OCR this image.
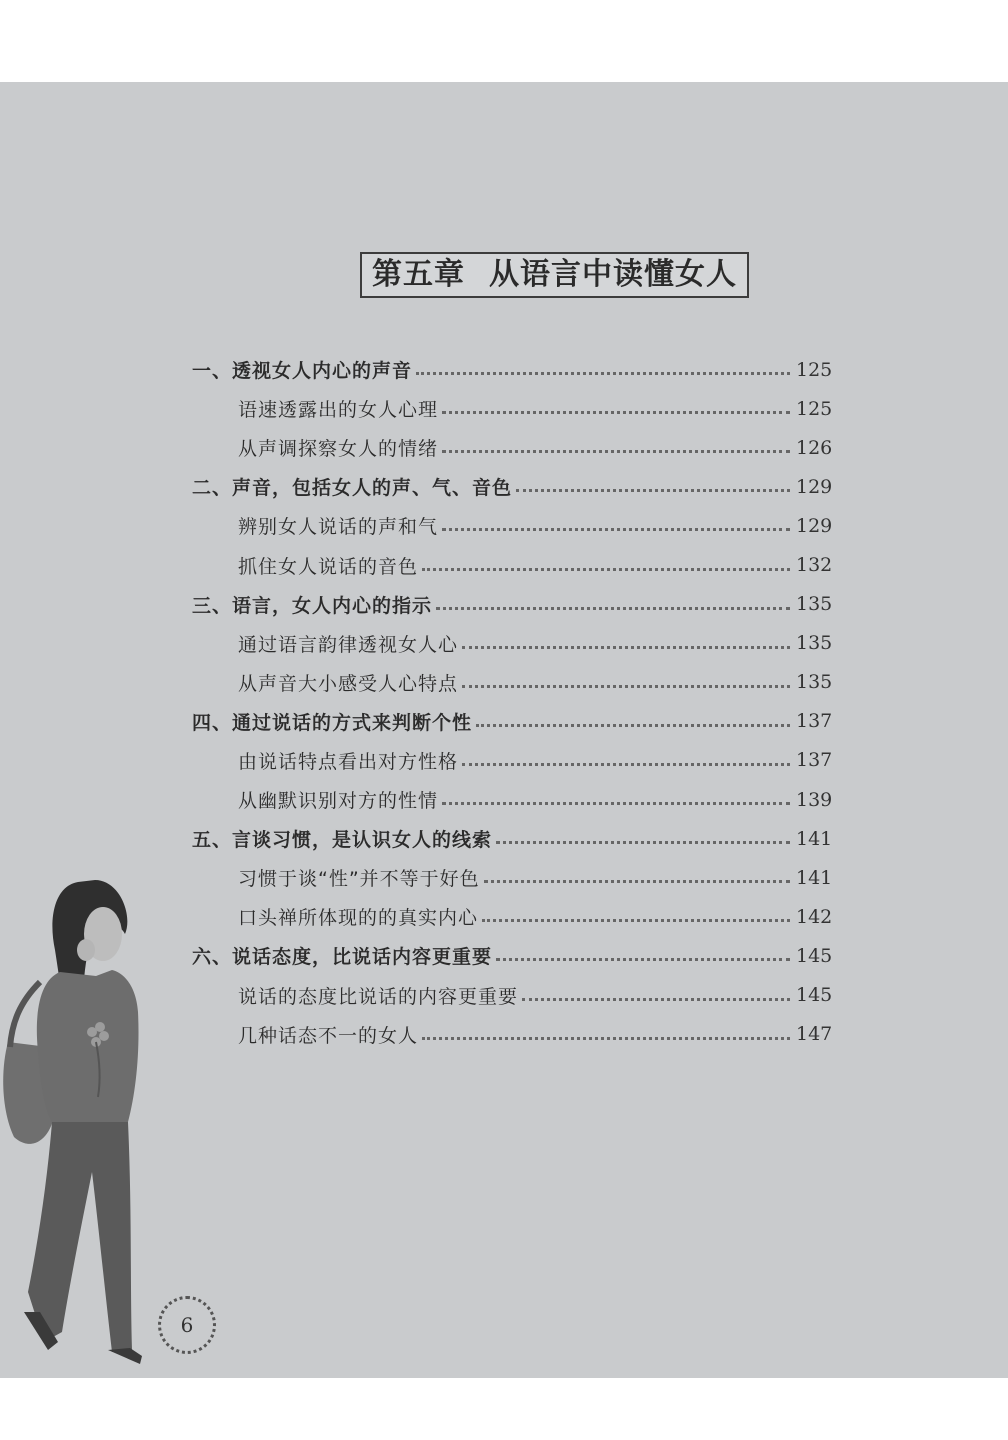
第五章 从语言中读懂女人
一、透视女人内心的声音	125
语速透露出的女人心理	125
从声调探察女人的情绪	126
二、声音，包括女人的声、气、音色	129
辨别女人说话的声和气	129
抓住女人说话的音色	132
三、语言，女人内心的指示	135
通过语言韵律透视女人心	135
从声音大小感受人心特点	135
四、通过说话的方式来判断个性	137
由说话特点看出对方性格	137
从幽默识别对方的性情	139
五、言谈习惯，是认识女人的线索	141
习惯于谈“性”并不等于好色	141
口头禅所体现的的真实内心	142
六、说话态度，比说话内容更重要	145
说话的态度比说话的内容更重要	145
几种话态不一的女人	147
6
